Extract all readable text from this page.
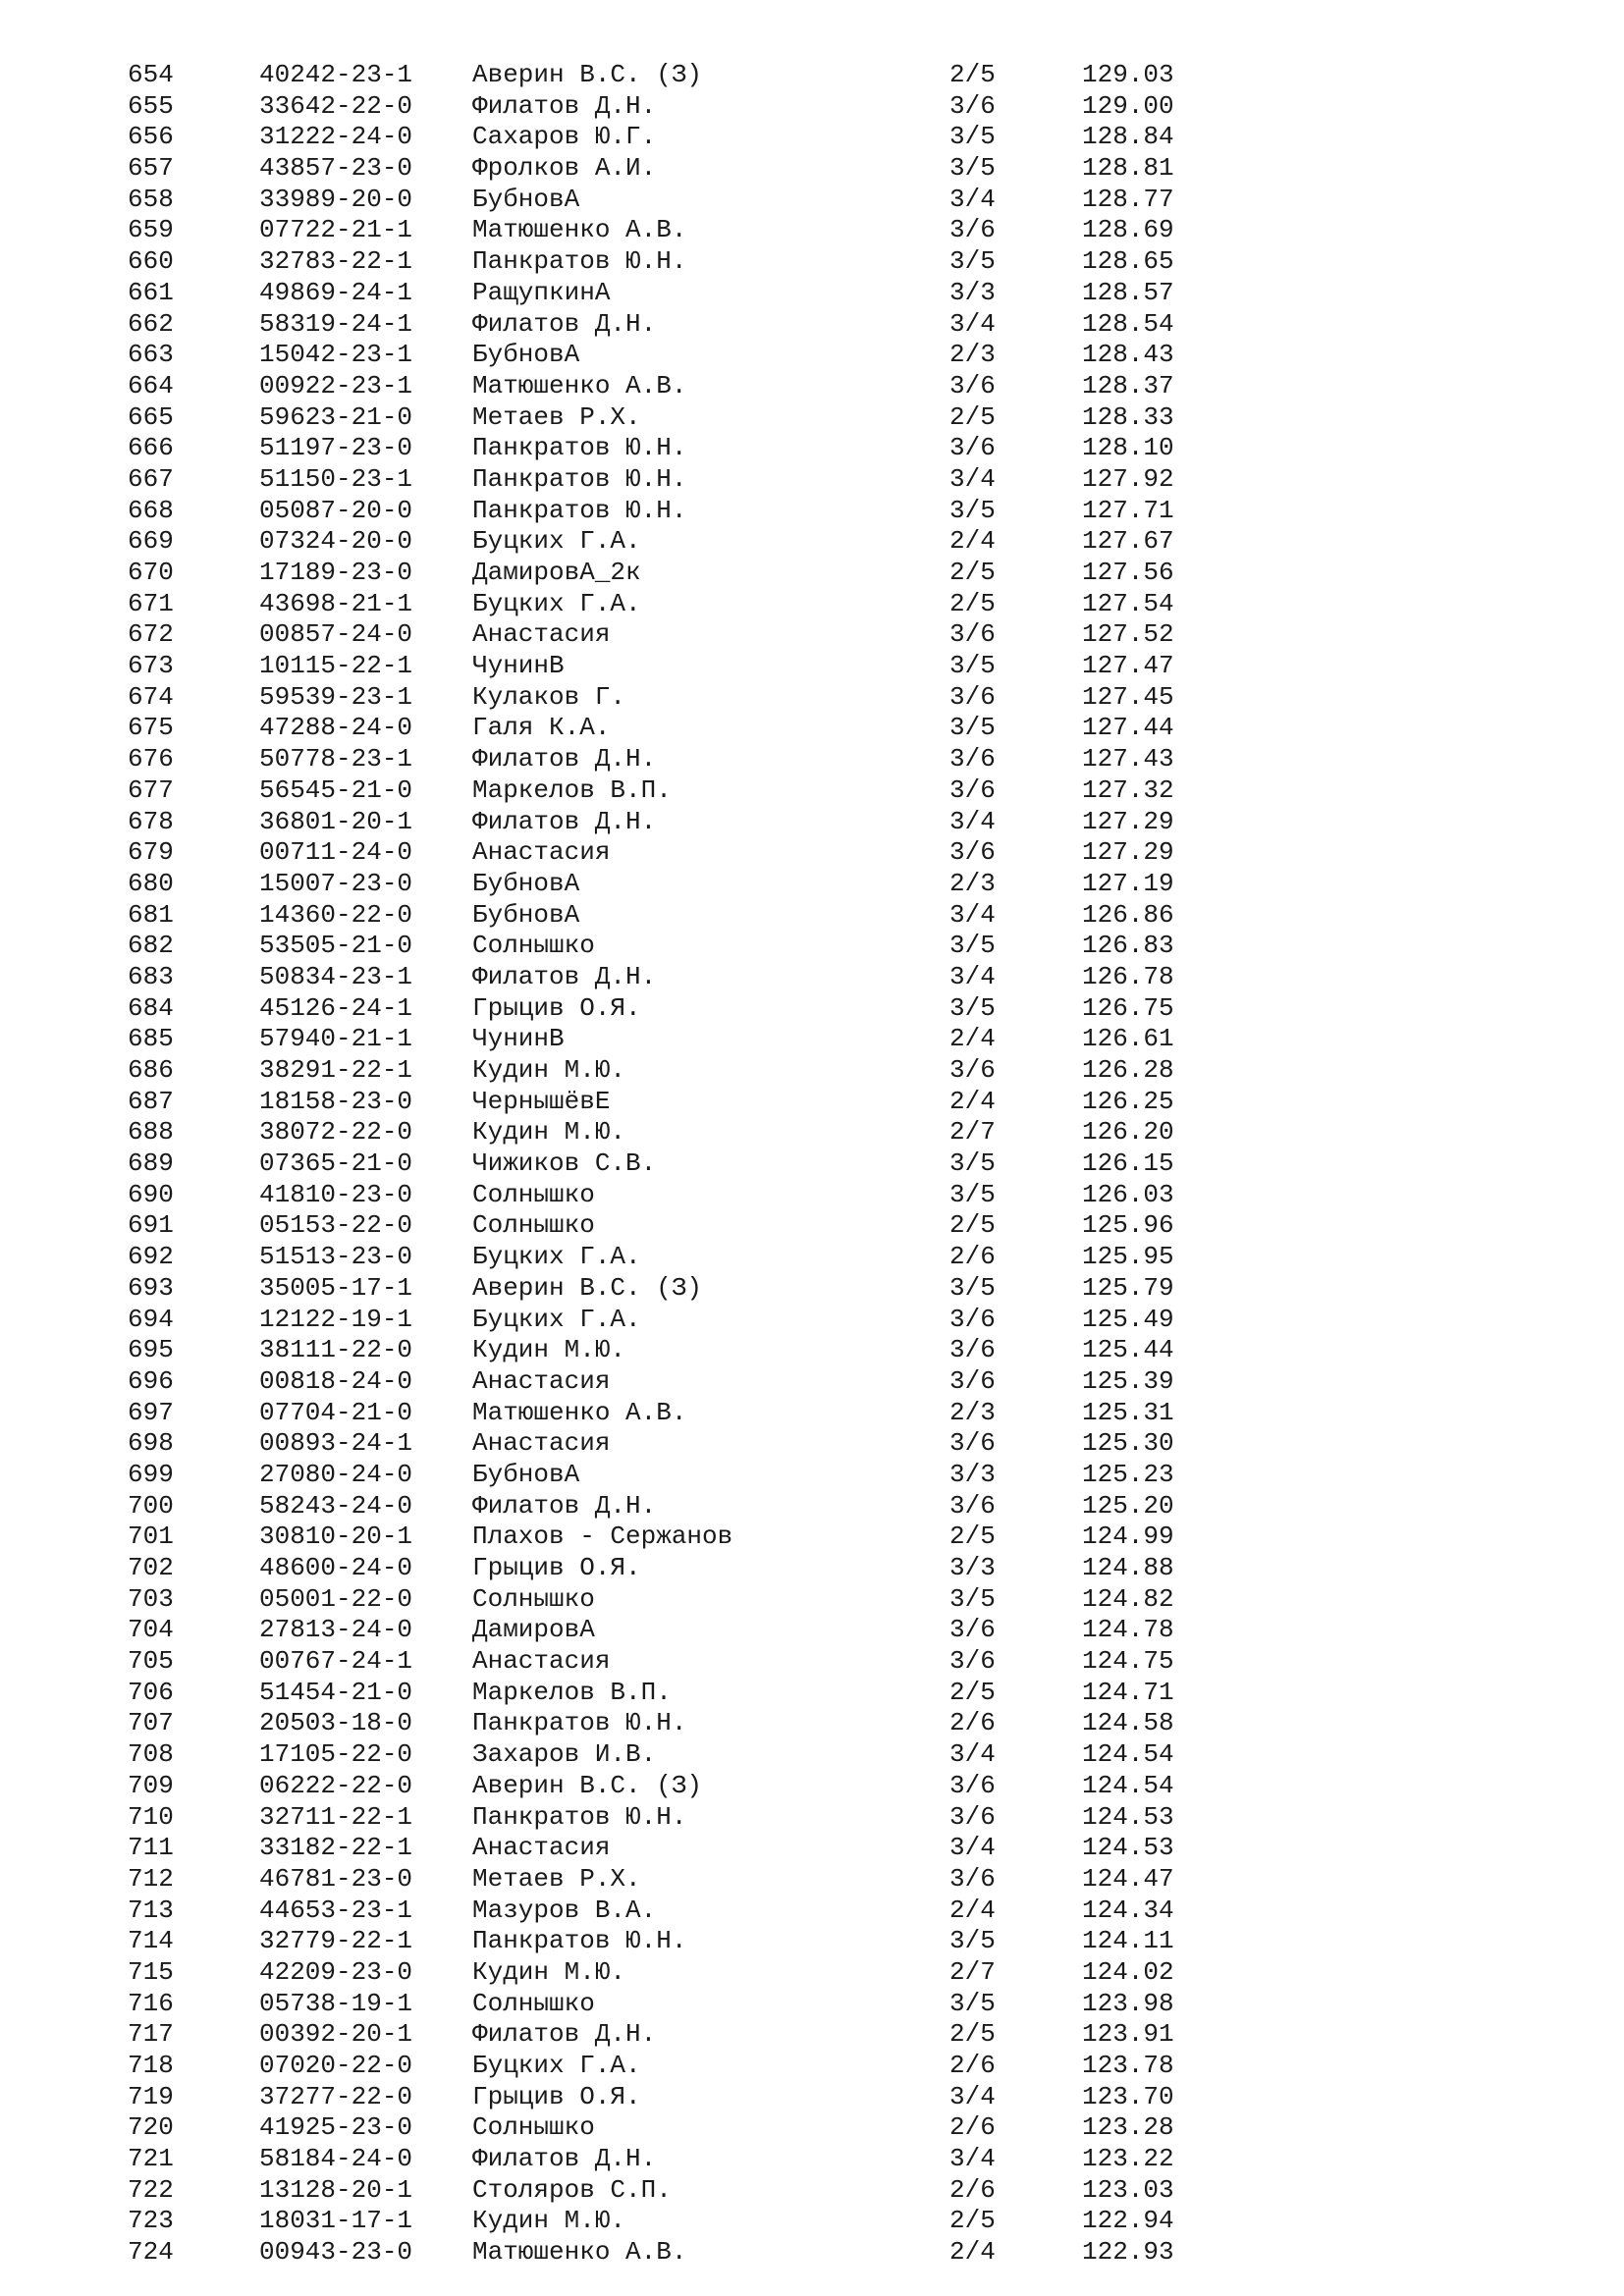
654	40242-23-1 Аверин В.С. (З)	2/5	129.03
655	33642-22-0 Филатов Д.Н.	3/6	129.00
656	31222-24-0 Сахаров Ю.Г.	3/5	128.84
657	43857-23-0 Фролков А.И.	3/5	128.81
658	33989-20-0 БубновА	3/4	128.77
659	07722-21-1 Матюшенко А.В.	3/6	128.69
660	32783-22-1 Панкратов Ю.Н.	3/5	128.65
661	49869-24-1 РащупкинА	3/3	128.57
662	58319-24-1 Филатов Д.Н.	3/4	128.54
663	15042-23-1 БубновА	2/3	128.43
664	00922-23-1 Матюшенко А.В.	3/6	128.37
665	59623-21-0 Метаев Р.Х.	2/5	128.33
666	51197-23-0 Панкратов Ю.Н.	3/6	128.10
667	51150-23-1 Панкратов Ю.Н.	3/4	127.92
668	05087-20-0 Панкратов Ю.Н.	3/5	127.71
669	07324-20-0 Буцких Г.А.	2/4	127.67
670	17189-23-0 ДамировА_2к	2/5	127.56
671	43698-21-1 Буцких Г.А.	2/5	127.54
672	00857-24-0 Анастасия	3/6	127.52
673	10115-22-1 ЧунинВ	3/5	127.47
674	59539-23-1 Кулаков Г.	3/6	127.45
675	47288-24-0 Галя К.А.	3/5	127.44
676	50778-23-1 Филатов Д.Н.	3/6	127.43
677	56545-21-0 Маркелов В.П.	3/6	127.32
678	36801-20-1 Филатов Д.Н.	3/4	127.29
679	00711-24-0 Анастасия	3/6	127.29
680	15007-23-0 БубновА	2/3	127.19
681	14360-22-0 БубновА	3/4	126.86
682	53505-21-0 Солнышко	3/5	126.83
683	50834-23-1 Филатов Д.Н.	3/4	126.78
684	45126-24-1 Грыцив О.Я.	3/5	126.75
685	57940-21-1 ЧунинВ	2/4	126.61
686	38291-22-1 Кудин М.Ю.	3/6	126.28
687	18158-23-0 ЧернышёвЕ	2/4	126.25
688	38072-22-0 Кудин М.Ю.	2/7	126.20
689	07365-21-0 Чижиков С.В.	3/5	126.15
690	41810-23-0 Солнышко	3/5	126.03
691	05153-22-0 Солнышко	2/5	125.96
692	51513-23-0 Буцких Г.А.	2/6	125.95
693	35005-17-1 Аверин В.С. (З)	3/5	125.79
694	12122-19-1 Буцких Г.А.	3/6	125.49
695	38111-22-0 Кудин М.Ю.	3/6	125.44
696	00818-24-0 Анастасия	3/6	125.39
697	07704-21-0 Матюшенко А.В.	2/3	125.31
698	00893-24-1 Анастасия	3/6	125.30
699	27080-24-0 БубновА	3/3	125.23
700	58243-24-0 Филатов Д.Н.	3/6	125.20
701	30810-20-1 Плахов - Сержанов	2/5	124.99
702	48600-24-0 Грыцив О.Я.	3/3	124.88
703	05001-22-0 Солнышко	3/5	124.82
704	27813-24-0 ДамировА	3/6	124.78
705	00767-24-1 Анастасия	3/6	124.75
706	51454-21-0 Маркелов В.П.	2/5	124.71
707	20503-18-0 Панкратов Ю.Н.	2/6	124.58
708	17105-22-0 Захаров И.В.	3/4	124.54
709	06222-22-0 Аверин В.С. (З)	3/6	124.54
710	32711-22-1 Панкратов Ю.Н.	3/6	124.53
711	33182-22-1 Анастасия	3/4	124.53
712	46781-23-0 Метаев Р.Х.	3/6	124.47
713	44653-23-1 Мазуров В.А.	2/4	124.34
714	32779-22-1 Панкратов Ю.Н.	3/5	124.11
715	42209-23-0 Кудин М.Ю.	2/7	124.02
716	05738-19-1 Солнышко	3/5	123.98
717	00392-20-1 Филатов Д.Н.	2/5	123.91
718	07020-22-0 Буцких Г.А.	2/6	123.78
719	37277-22-0 Грыцив О.Я.	3/4	123.70
720	41925-23-0 Солнышко	2/6	123.28
721	58184-24-0 Филатов Д.Н.	3/4	123.22
722	13128-20-1 Столяров С.П.	2/6	123.03
723	18031-17-1 Кудин М.Ю.	2/5	122.94
724	00943-23-0 Матюшенко А.В.	2/4	122.93
